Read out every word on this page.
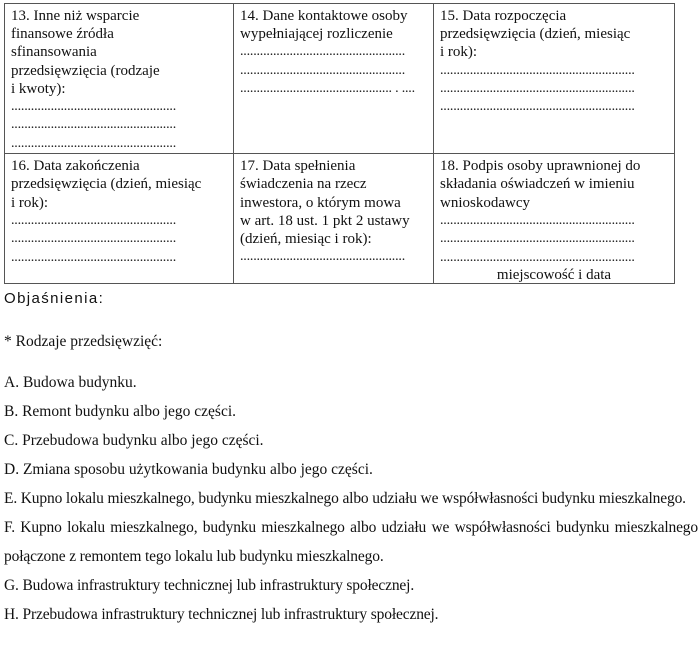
13. Inne niż wsparcie
finansowe źródła
sfinansowania
przedsięwzięcia (rodzaje
i kwoty):
..................................................
..................................................
..................................................

14. Dane kontaktowe osoby
wypełniającej rozliczenie
..................................................
..................................................
.............................................. . ....

15. Data rozpoczęcia
przedsięwzięcia (dzień, miesiąc
i rok):
...........................................................
...........................................................
...........................................................

16. Data zakończenia
przedsięwzięcia (dzień, miesiąc
i rok):
..................................................
..................................................
..................................................

17. Data spełnienia
świadczenia na rzecz
inwestora, o którym mowa
w art. 18 ust. 1 pkt 2 ustawy
(dzień, miesiąc i rok):
..................................................

18. Podpis osoby uprawnionej do
składania oświadczeń w imieniu
wnioskodawcy
...........................................................
...........................................................
...........................................................
miejscowość i data
Objaśnienia:
* Rodzaje przedsięwzięć:
A. Budowa budynku.
B. Remont budynku albo jego części.
C. Przebudowa budynku albo jego części.
D. Zmiana sposobu użytkowania budynku albo jego części.
E. Kupno lokalu mieszkalnego, budynku mieszkalnego albo udziału we współwłasności budynku mieszkalnego.
F. Kupno lokalu mieszkalnego, budynku mieszkalnego albo udziału we współwłasności budynku mieszkalnego połączone z remontem tego lokalu lub budynku mieszkalnego.
G. Budowa infrastruktury technicznej lub infrastruktury społecznej.
H. Przebudowa infrastruktury technicznej lub infrastruktury społecznej.
